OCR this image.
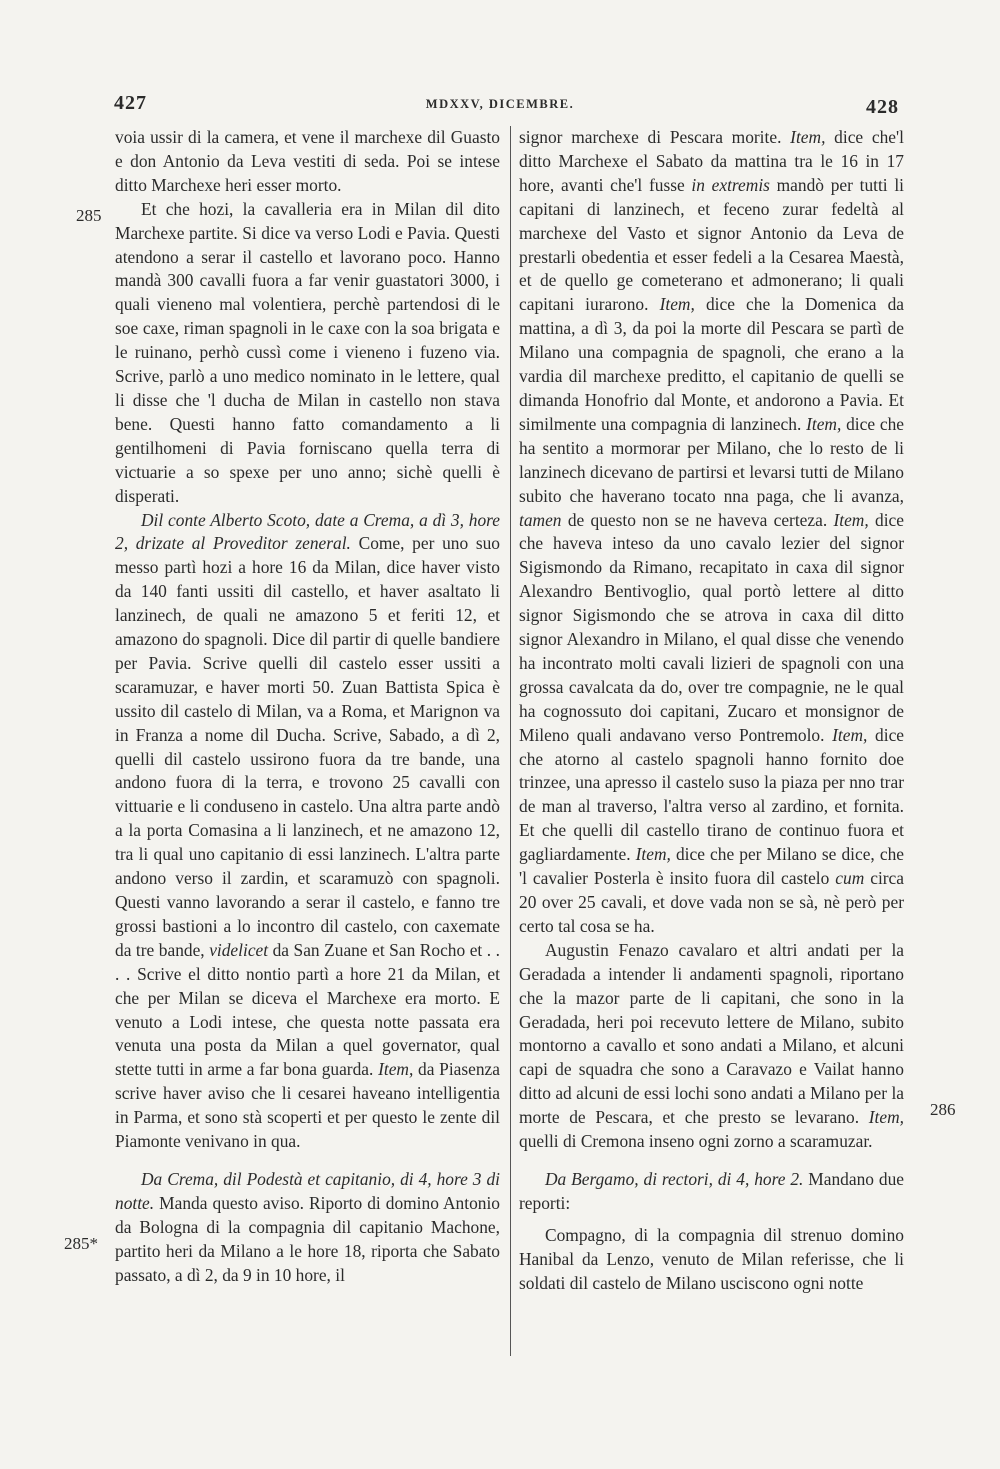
427	MDXXV, DICEMBRE.	428
285
285*
286

voia ussir di la camera, et vene il marchexe dil Guasto e don Antonio da Leva vestiti di seda. Poi se intese ditto Marchexe heri esser morto.

Et che hozi, la cavalleria era in Milan dil dito Marchexe partite. Si dice va verso Lodi e Pavia. Questi atendono a serar il castello et lavorano poco. Hanno mandà 300 cavalli fuora a far venir guastatori 3000, i quali vieneno mal volentiera, perchè partendosi di le soe caxe, riman spagnoli in le caxe con la soa brigata e le ruinano, perhò cussì come i vieneno i fuzeno via. Scrive, parlò a uno medico nominato in le lettere, qual li disse che 'l ducha de Milan in castello non stava bene. Questi hanno fatto comandamento a li gentilhomeni di Pavia forniscano quella terra di victuarie a so spexe per uno anno; sichè quelli è disperati.

Dil conte Alberto Scoto, date a Crema, a dì 3, hore 2, drizate al Proveditor zeneral. Come, per uno suo messo partì hozi a hore 16 da Milan, dice haver visto da 140 fanti ussiti dil castello, et haver asaltato li lanzinech, de quali ne amazono 5 et feriti 12, et amazono do spagnoli. Dice dil partir di quelle bandiere per Pavia. Scrive quelli dil castelo esser ussiti a scaramuzar, e haver morti 50. Zuan Battista Spica è ussito dil castelo di Milan, va a Roma, et Marignon va in Franza a nome dil Ducha. Scrive, Sabado, a dì 2, quelli dil castelo ussirono fuora da tre bande, una andono fuora di la terra, e trovono 25 cavalli con vittuarie e li conduseno in castelo. Una altra parte andò a la porta Comasina a li lanzinech, et ne amazono 12, tra li qual uno capitanio di essi lanzinech. L'altra parte andono verso il zardin, et scaramuzò con spagnoli. Questi vanno lavorando a serar il castelo, e fanno tre grossi bastioni a lo incontro dil castelo, con caxemate da tre bande, videlicet da San Zuane et San Rocho et . . . . Scrive el ditto nontio partì a hore 21 da Milan, et che per Milan se diceva el Marchexe era morto. E venuto a Lodi intese, che questa notte passata era venuta una posta da Milan a quel governator, qual stette tutti in arme a far bona guarda. Item, da Piasenza scrive haver aviso che li cesarei haveano intelligentia in Parma, et sono stà scoperti et per questo le zente dil Piamonte venivano in qua.

Da Crema, dil Podestà et capitanio, di 4, hore 3 di notte. Manda questo aviso. Riporto di domino Antonio da Bologna di la compagnia dil capitanio Machone, partito heri da Milano a le hore 18, riporta che Sabato passato, a dì 2, da 9 in 10 hore, il

signor marchexe di Pescara morite. Item, dice che'l ditto Marchexe el Sabato da mattina tra le 16 in 17 hore, avanti che'l fusse in extremis mandò per tutti li capitani di lanzinech, et feceno zurar fedeltà al marchexe del Vasto et signor Antonio da Leva de prestarli obedentia et esser fedeli a la Cesarea Maestà, et de quello ge cometerano et admonerano; li quali capitani iurarono. Item, dice che la Domenica da mattina, a dì 3, da poi la morte dil Pescara se partì de Milano una compagnia de spagnoli, che erano a la vardia dil marchexe preditto, el capitanio de quelli se dimanda Honofrio dal Monte, et andorono a Pavia. Et similmente una compagnia di lanzinech. Item, dice che ha sentito a mormorar per Milano, che lo resto de li lanzinech dicevano de partirsi et levarsi tutti de Milano subito che haverano tocato nna paga, che li avanza, tamen de questo non se ne haveva certeza. Item, dice che haveva inteso da uno cavalo lezier del signor Sigismondo da Rimano, recapitato in caxa dil signor Alexandro Bentivoglio, qual portò lettere al ditto signor Sigismondo che se atrova in caxa dil ditto signor Alexandro in Milano, el qual disse che venendo ha incontrato molti cavali lizieri de spagnoli con una grossa cavalcata da do, over tre compagnie, ne le qual ha cognossuto doi capitani, Zucaro et monsignor de Mileno quali andavano verso Pontremolo. Item, dice che atorno al castelo spagnoli hanno fornito doe trinzee, una apresso il castelo suso la piaza per nno trar de man al traverso, l'altra verso al zardino, et fornita. Et che quelli dil castello tirano de continuo fuora et gagliardamente. Item, dice che per Milano se dice, che 'l cavalier Posterla è insito fuora dil castelo cum circa 20 over 25 cavali, et dove vada non se sà, nè però per certo tal cosa se ha.

Augustin Fenazo cavalaro et altri andati per la Geradada a intender li andamenti spagnoli, riportano che la mazor parte de li capitani, che sono in la Geradada, heri poi recevuto lettere de Milano, subito montorno a cavallo et sono andati a Milano, et alcuni capi de squadra che sono a Caravazo e Vailat hanno ditto ad alcuni de essi lochi sono andati a Milano per la morte de Pescara, et che presto se levarano. Item, quelli di Cremona inseno ogni zorno a scaramuzar.

Da Bergamo, di rectori, di 4, hore 2. Mandano due reporti:

Compagno, di la compagnia dil strenuo domino Hanibal da Lenzo, venuto de Milan referisse, che li soldati dil castelo de Milano usciscono ogni notte
